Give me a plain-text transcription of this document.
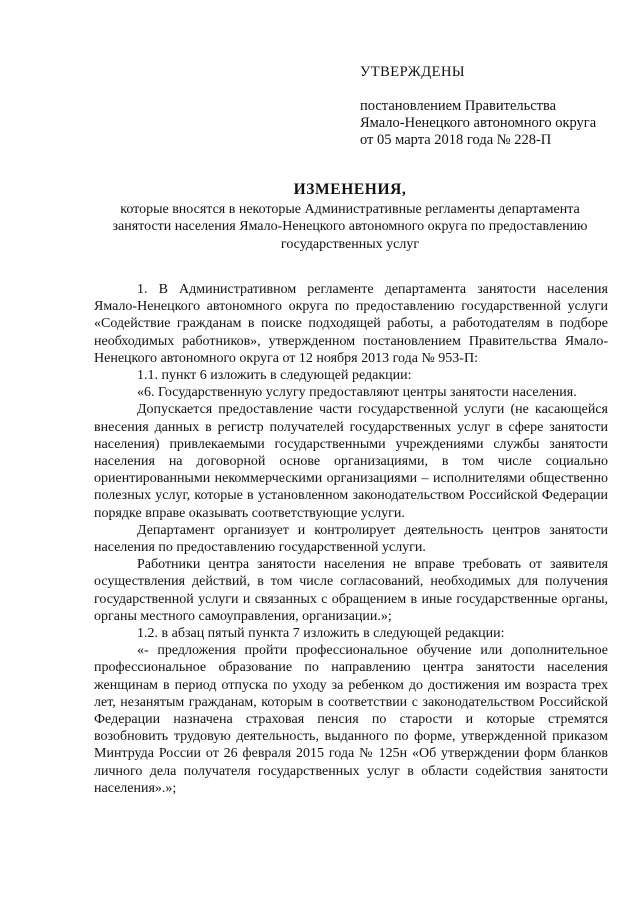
УТВЕРЖДЕНЫ
постановлением Правительства
Ямало-Ненецкого автономного округа
от 05 марта 2018 года № 228-П
ИЗМЕНЕНИЯ,
которые вносятся в некоторые Административные регламенты департамента занятости населения Ямало-Ненецкого автономного округа по предоставлению государственных услуг

1. В Административном регламенте департамента занятости населения Ямало-Ненецкого автономного округа по предоставлению государственной услуги «Содействие гражданам в поиске подходящей работы, а работодателям в подборе необходимых работников», утвержденном постановлением Правительства Ямало-Ненецкого автономного округа от 12 ноября 2013 года № 953-П:

1.1. пункт 6 изложить в следующей редакции:

«6. Государственную услугу предоставляют центры занятости населения.

Допускается предоставление части государственной услуги (не касающейся внесения данных в регистр получателей государственных услуг в сфере занятости населения) привлекаемыми государственными учреждениями службы занятости населения на договорной основе организациями, в том числе социально ориентированными некоммерческими организациями – исполнителями общественно полезных услуг, которые в установленном законодательством Российской Федерации порядке вправе оказывать соответствующие услуги.

Департамент организует и контролирует деятельность центров занятости населения по предоставлению государственной услуги.

Работники центра занятости населения не вправе требовать от заявителя осуществления действий, в том числе согласований, необходимых для получения государственной услуги и связанных с обращением в иные государственные органы, органы местного самоуправления, организации.»;

1.2. в абзац пятый пункта 7 изложить в следующей редакции:

«- предложения пройти профессиональное обучение или дополнительное профессиональное образование по направлению центра занятости населения женщинам в период отпуска по уходу за ребенком до достижения им возраста трех лет, незанятым гражданам, которым в соответствии с законодательством Российской Федерации назначена страховая пенсия по старости и которые стремятся возобновить трудовую деятельность, выданного по форме, утвержденной приказом Минтруда России от 26 февраля 2015 года № 125н «Об утверждении форм бланков личного дела получателя государственных услуг в области содействия занятости населения».»;
